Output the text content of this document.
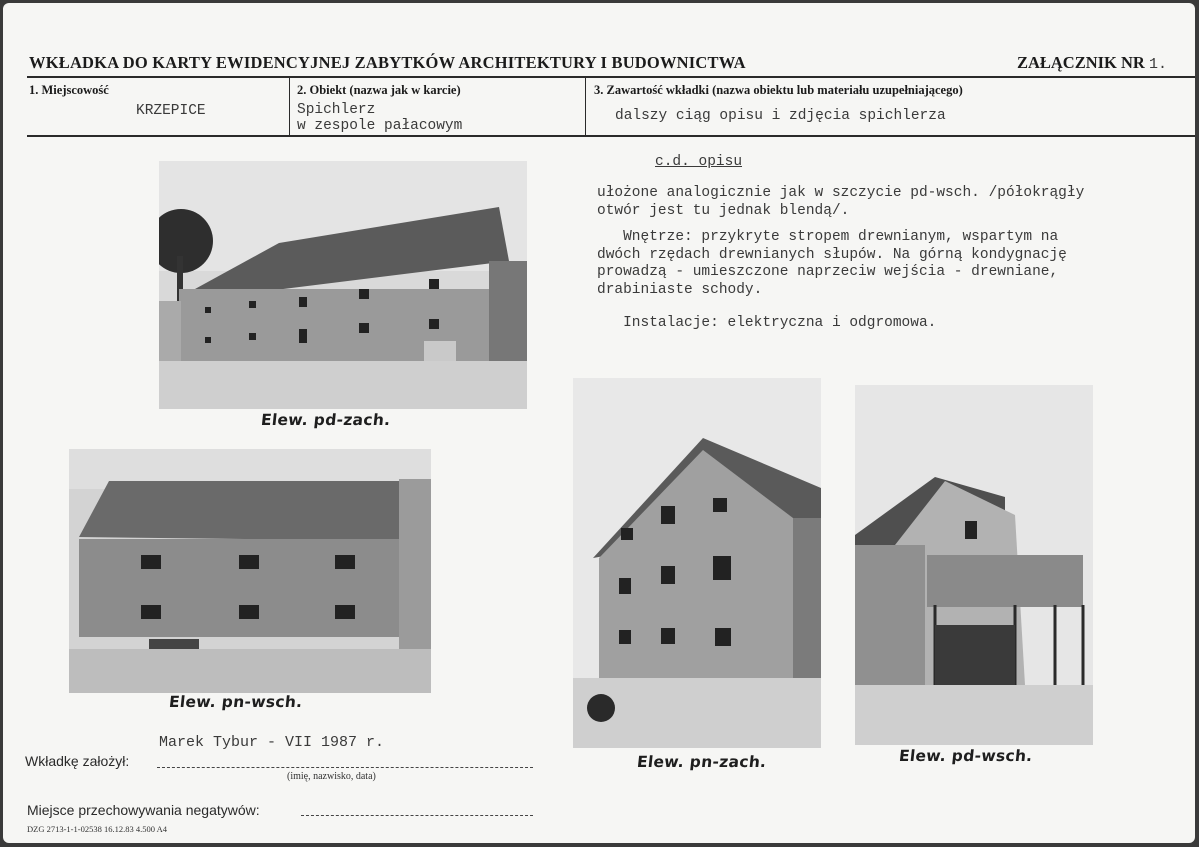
WKŁADKA DO KARTY EWIDENCYJNEJ ZABYTKÓW ARCHITEKTURY I BUDOWNICTWA	ZAŁĄCZNIK NR 1.
1. Miejscowość
KRZEPICE
2. Obiekt (nazwa jak w karcie)
Spichlerz
w zespole pałacowym
3. Zawartość wkładki (nazwa obiektu lub materiału uzupełniającego)
dalszy ciąg opisu i zdjęcia spichlerza
c.d. opisu
ułożone analogicznie jak w szczycie pd-wsch. /półokrągły
otwór jest tu jednak blendą/.
Wnętrze: przykryte stropem drewnianym, wspartym na
dwóch rzędach drewnianych słupów. Na górną kondygnację
prowadzą - umieszczone naprzeciw wejścia - drewniane,
drabiniaste schody.
Instalacje: elektryczna i odgromowa.
Elew. pd-zach.
Elew. pn-wsch.
Elew. pn-zach.	Elew. pd-wsch.
Marek Tybur - VII 1987 r.
Wkładkę założył:
(imię, nazwisko, data)
Miejsce przechowywania negatywów:
DZG 2713-1-1-02538 16.12.83 4.500 A4
